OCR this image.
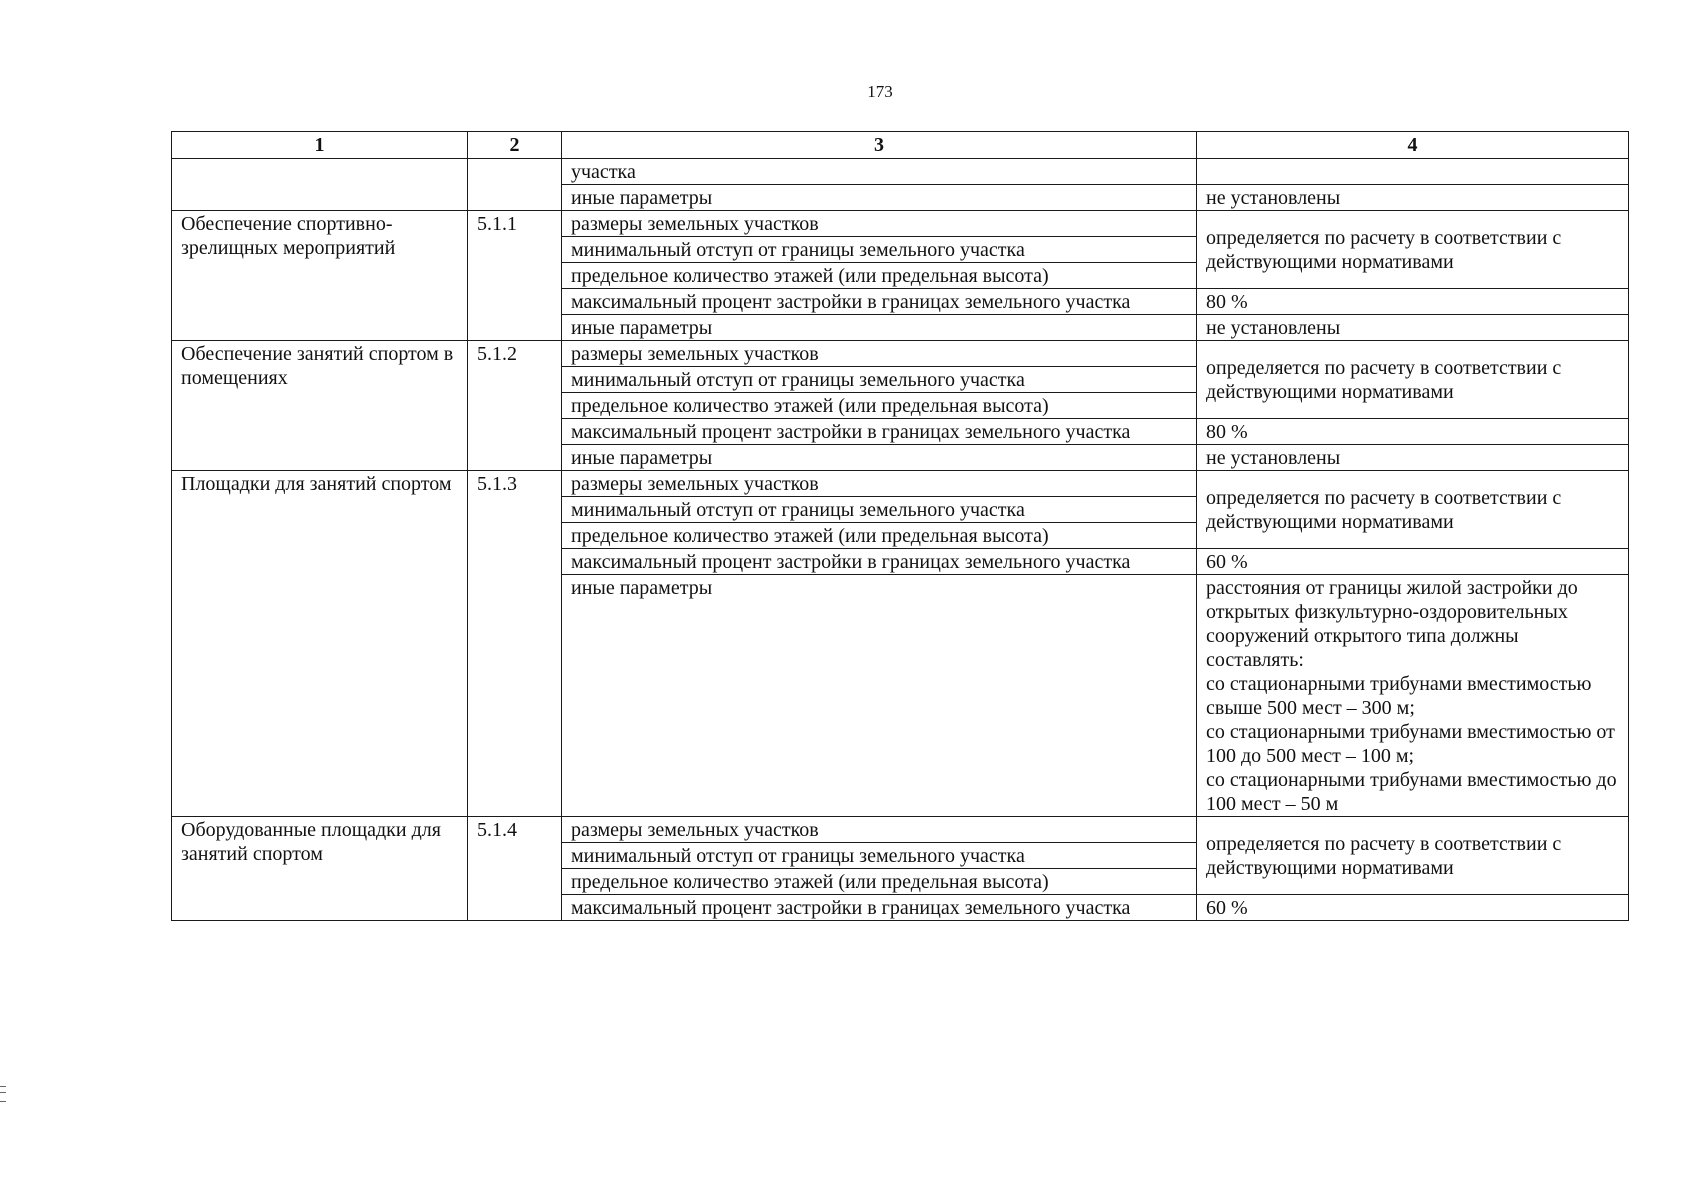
173
1	2	3	4
		участка	
		иные параметры	не установлены
Обеспечение спортивно-
зрелищных мероприятий	5.1.1	размеры земельных участков	определяется по расчету в соответствии с действующими нормативами
		минимальный отступ от границы земельного участка	
		предельное количество этажей (или предельная высота)	
		максимальный процент застройки в границах земельного участка	80 %
		иные параметры	не установлены
Обеспечение занятий спортом в помещениях	5.1.2	размеры земельных участков	определяется по расчету в соответствии с действующими нормативами
		минимальный отступ от границы земельного участка	
		предельное количество этажей (или предельная высота)	
		максимальный процент застройки в границах земельного участка	80 %
		иные параметры	не установлены
Площадки для занятий спортом	5.1.3	размеры земельных участков	определяется по расчету в соответствии с действующими нормативами
		минимальный отступ от границы земельного участка	
		предельное количество этажей (или предельная высота)	
		максимальный процент застройки в границах земельного участка	60 %
		иные параметры	расстояния от границы жилой застройки до открытых физкультурно-оздоровительных сооружений открытого типа должны составлять:
со стационарными трибунами вместимостью свыше 500 мест – 300 м;
со стационарными трибунами вместимостью от 100 до 500 мест – 100 м;
со стационарными трибунами вместимостью до 100 мест – 50 м
Оборудованные площадки для занятий спортом	5.1.4	размеры земельных участков	определяется по расчету в соответствии с действующими нормативами
		минимальный отступ от границы земельного участка	
		предельное количество этажей (или предельная высота)	
		максимальный процент застройки в границах земельного участка	60 %
